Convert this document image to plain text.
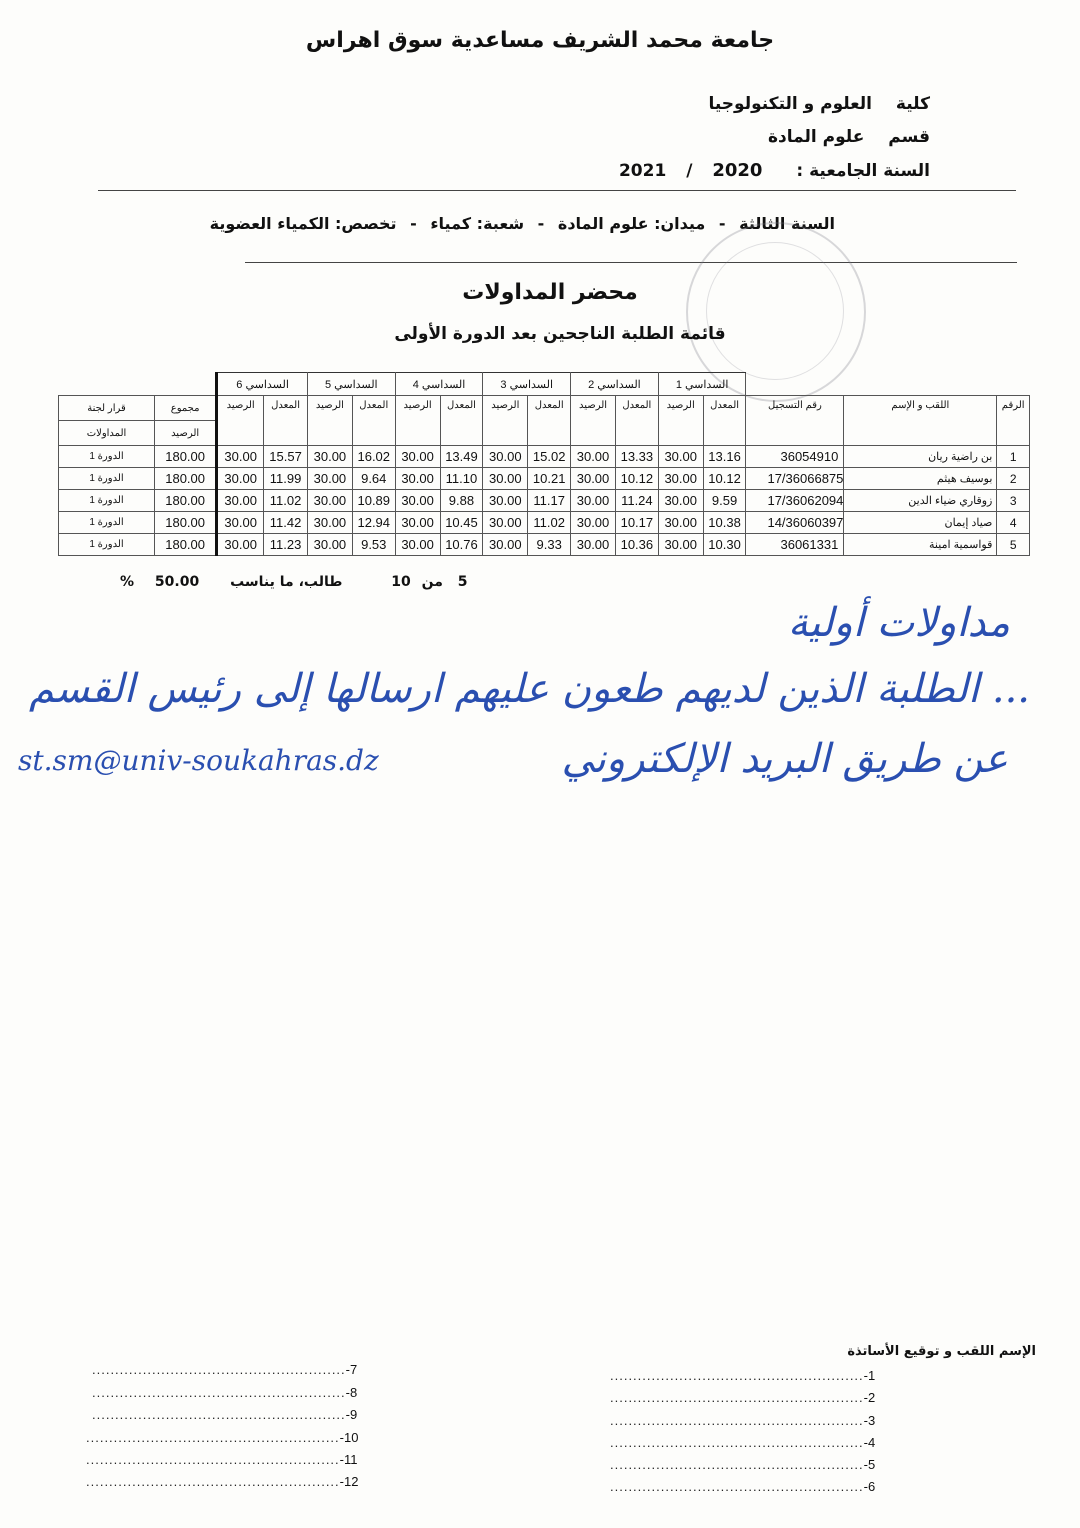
جامعة محمد الشريف مساعدية سوق اهراس
كلية العلوم و التكنولوجيا
قسم علوم المادة
السنة الجامعية : 2020 / 2021
السنة الثالثة - ميدان: علوم المادة - شعبة: كمياء - تخصص: الكمياء العضوية
محضر المداولات
قائمة الطلبة الناجحين بعد الدورة الأولى
			السداسي 1		السداسي 2		السداسي 3		السداسي 4		السداسي 5		السداسي 6			
الرقم	اللقب و الإسم	رقم التسجيل	المعدل	الرصيد	المعدل	الرصيد	المعدل	الرصيد	المعدل	الرصيد	المعدل	الرصيد	المعدل	الرصيد	مجموع	قرار لجنة
															الرصيد	المداولات
1	بن راضية ريان	36054910	13.16	30.00	13.33	30.00	15.02	30.00	13.49	30.00	16.02	30.00	15.57	30.00	180.00	الدورة 1
2	بوسيف هيثم	17/36066875	10.12	30.00	10.12	30.00	10.21	30.00	11.10	30.00	9.64	30.00	11.99	30.00	180.00	الدورة 1
3	زوقاري ضياء الدين	17/36062094	9.59	30.00	11.24	30.00	11.17	30.00	9.88	30.00	10.89	30.00	11.02	30.00	180.00	الدورة 1
4	صياد إيمان	14/36060397	10.38	30.00	10.17	30.00	11.02	30.00	10.45	30.00	12.94	30.00	11.42	30.00	180.00	الدورة 1
5	قواسمية امينة	36061331	10.30	30.00	10.36	30.00	9.33	30.00	10.76	30.00	9.53	30.00	11.23	30.00	180.00	الدورة 1
% 50.00 طالب، ما يناسب	10 من 5
مداولات أولية
... الطلبة الذين لديهم طعون عليهم ارسالها إلى رئيس القسم
عن طريق البريد الإلكتروني
st.sm@univ-soukahras.dz
الإسم اللقب و توقيع الأساتذة
.......................................................-1
.......................................................-2
.......................................................-3
.......................................................-4
.......................................................-5
.......................................................-6
.......................................................-7
.......................................................-8
.......................................................-9
.......................................................-10
.......................................................-11
.......................................................-12
